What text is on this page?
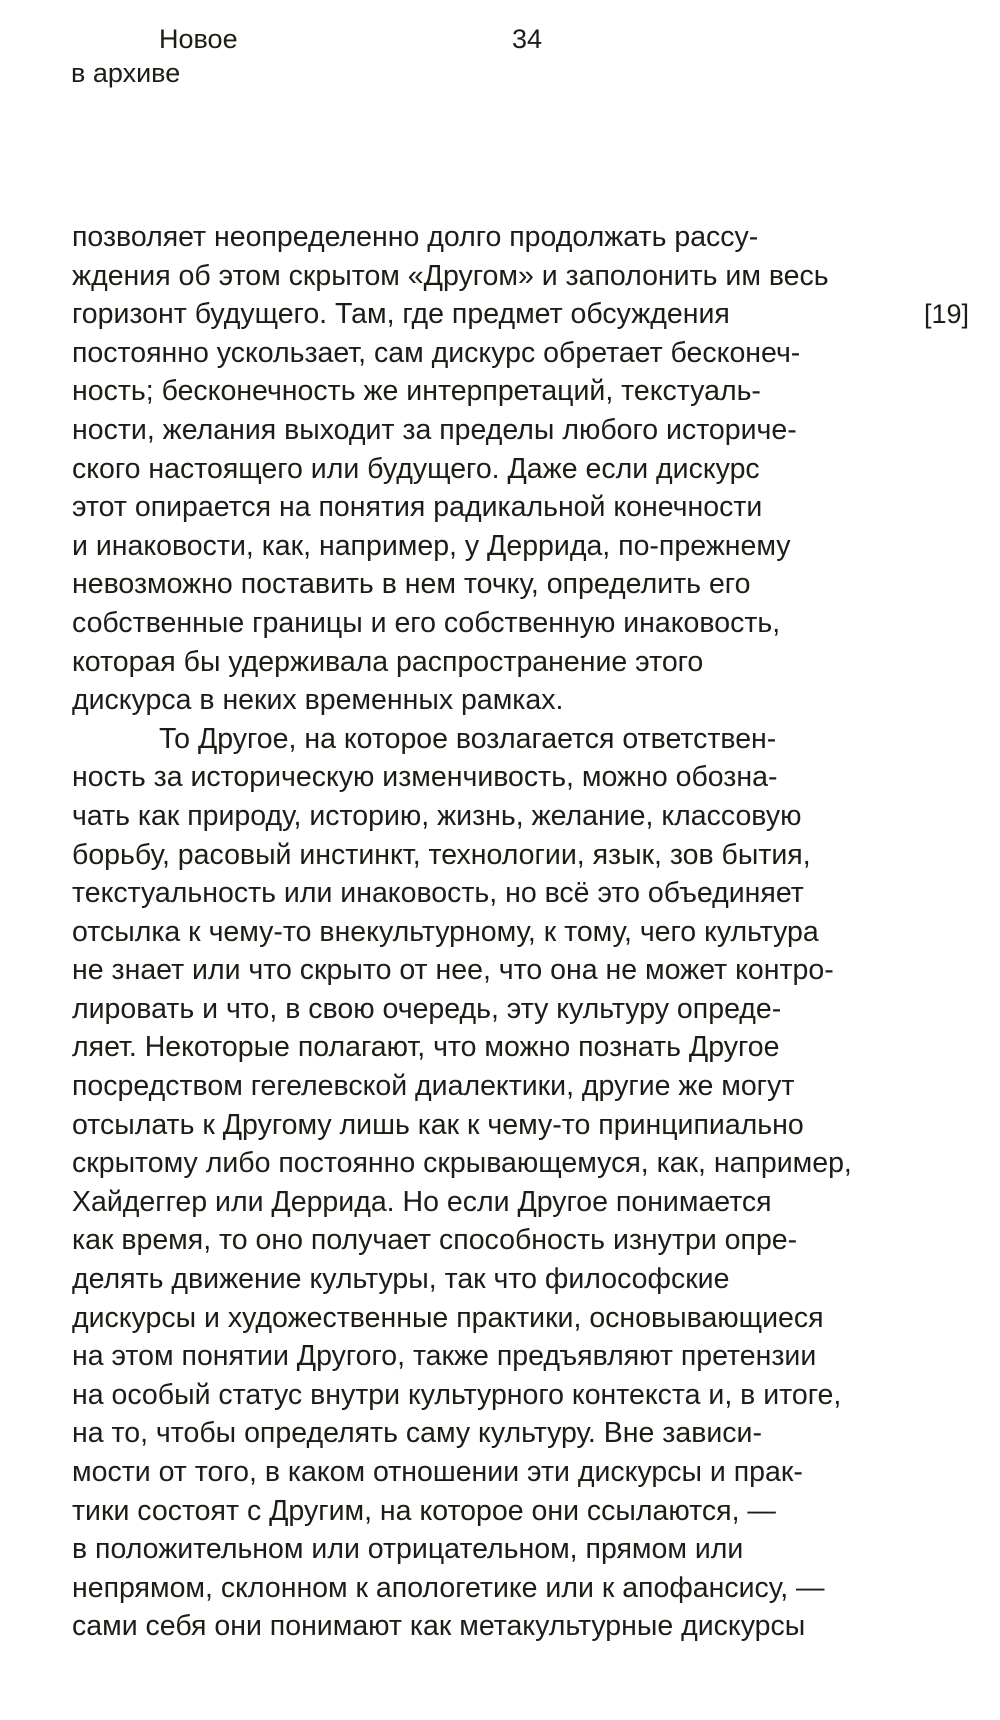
Новое
в архиве
34
[19]
позволяет неопределенно долго продолжать рассу-
ждения об этом скрытом «Другом» и заполонить им весь
горизонт будущего. Там, где предмет обсуждения
постоянно ускользает, сам дискурс обретает бесконеч-
ность; бесконечность же интерпретаций, текстуаль-
ности, желания выходит за пределы любого историче-
ского настоящего или будущего. Даже если дискурс
этот опирается на понятия радикальной конечности
и инаковости, как, например, у Деррида, по-прежнему
невозможно поставить в нем точку, определить его
собственные границы и его собственную инаковость,
которая бы удерживала распространение этого
дискурса в неких временных рамках.
То Другое, на которое возлагается ответствен-
ность за историческую изменчивость, можно обозна-
чать как природу, историю, жизнь, желание, классовую
борьбу, расовый инстинкт, технологии, язык, зов бытия,
текстуальность или инаковость, но всё это объединяет
отсылка к чему-то внекультурному, к тому, чего культура
не знает или что скрыто от нее, что она не может контро-
лировать и что, в свою очередь, эту культуру опреде-
ляет. Некоторые полагают, что можно познать Другое
посредством гегелевской диалектики, другие же могут
отсылать к Другому лишь как к чему-то принципиально
скрытому либо постоянно скрывающемуся, как, например,
Хайдеггер или Деррида. Но если Другое понимается
как время, то оно получает способность изнутри опре-
делять движение культуры, так что философские
дискурсы и художественные практики, основывающиеся
на этом понятии Другого, также предъявляют претензии
на особый статус внутри культурного контекста и, в итоге,
на то, чтобы определять саму культуру. Вне зависи-
мости от того, в каком отношении эти дискурсы и прак-
тики состоят с Другим, на которое они ссылаются, —
в положительном или отрицательном, прямом или
непрямом, склонном к апологетике или к апофансису, —
сами себя они понимают как метакультурные дискурсы
